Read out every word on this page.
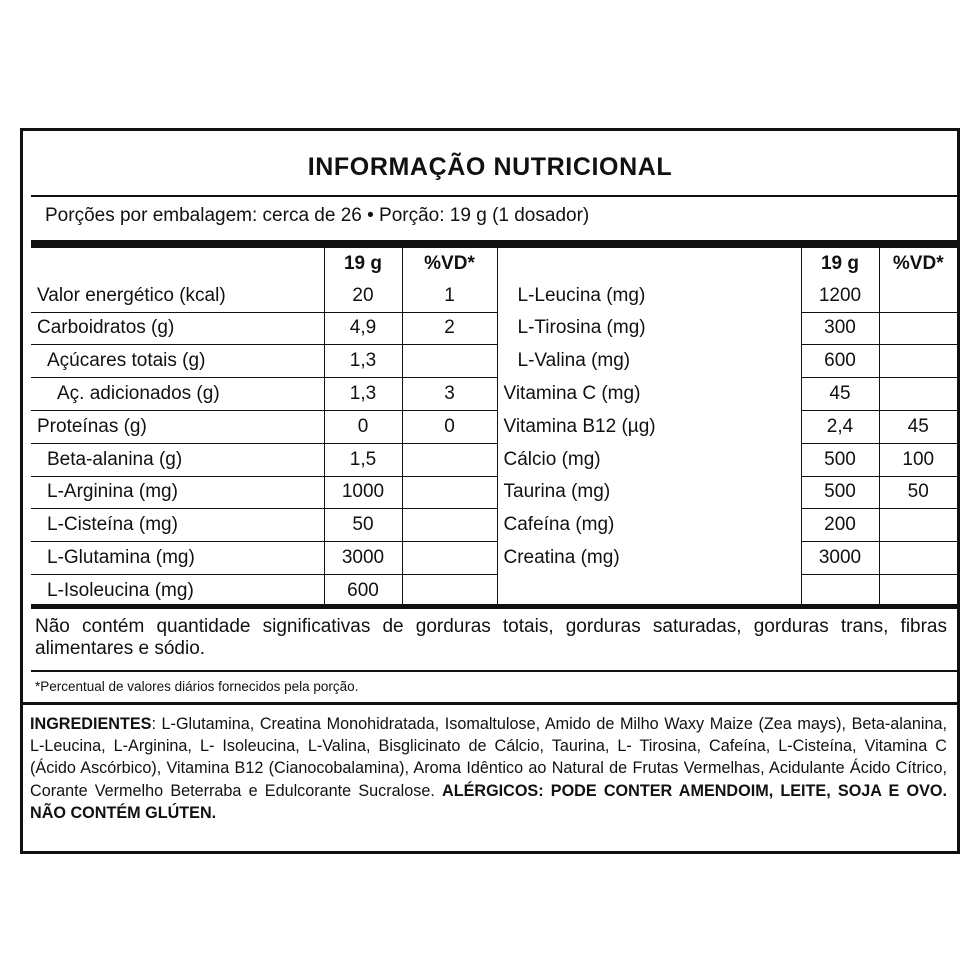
INFORMAÇÃO NUTRICIONAL
Porções por embalagem: cerca de 26 • Porção: 19 g (1 dosador)
	19 g	%VD*		19 g	%VD*
Valor energético (kcal)	20	1	L-Leucina (mg)	1200	
Carboidratos (g)	4,9	2	L-Tirosina (mg)	300	
Açúcares totais (g)	1,3		L-Valina (mg)	600	
Aç. adicionados (g)	1,3	3	Vitamina C (mg)	45	
Proteínas (g)	0	0	Vitamina B12 (µg)	2,4	45
Beta-alanina (g)	1,5		Cálcio (mg)	500	100
L-Arginina (mg)	1000		Taurina (mg)	500	50
L-Cisteína (mg)	50		Cafeína (mg)	200	
L-Glutamina (mg)	3000		Creatina (mg)	3000	
L-Isoleucina (mg)	600				
Não contém quantidade significativas de gorduras totais, gorduras saturadas, gorduras trans, fibras alimentares e sódio.
*Percentual de valores diários fornecidos pela porção.
INGREDIENTES: L-Glutamina, Creatina Monohidratada, Isomaltulose, Amido de Milho Waxy Maize (Zea mays), Beta-alanina, L-Leucina, L-Arginina, L- Isoleucina, L-Valina, Bisglicinato de Cálcio, Taurina, L- Tirosina, Cafeína, L-Cisteína, Vitamina C (Ácido Ascórbico), Vitamina B12 (Cianocobalamina), Aroma Idêntico ao Natural de Frutas Vermelhas, Acidulante Ácido Cítrico, Corante Vermelho Beterraba e Edulcorante Sucralose. ALÉRGICOS: PODE CONTER AMENDOIM, LEITE, SOJA E OVO. NÃO CONTÉM GLÚTEN.
